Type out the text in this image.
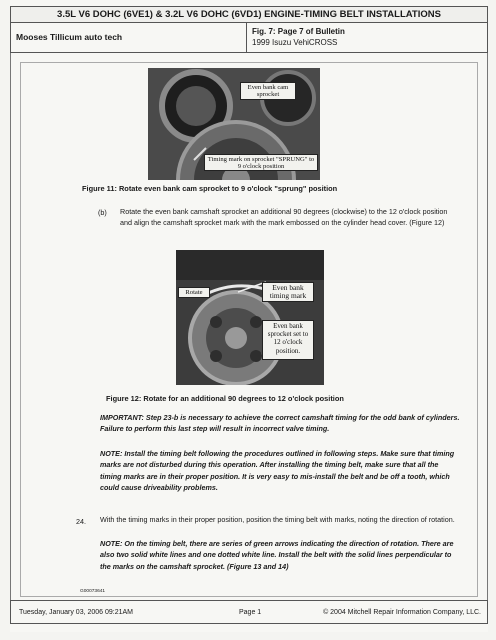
3.5L V6 DOHC (6VE1) & 3.2L V6 DOHC (6VD1) ENGINE-TIMING BELT INSTALLATIONS
Mooses Tillicum auto tech
Fig. 7: Page 7 of Bulletin
1999 Isuzu VehiCROSS
Even bank cam sprocket
Timing mark on sprocket "SPRUNG" to 9 o'clock position
Figure 11: Rotate even bank cam sprocket to 9 o'clock "sprung" position
(b) Rotate the even bank camshaft sprocket an additional 90 degrees (clockwise) to the 12 o'clock position and align the camshaft sprocket mark with the mark embossed on the cylinder head cover. (Figure 12)
Rotate
Even bank timing mark
Even bank sprocket set to 12 o'clock position.
Figure 12: Rotate for an additional 90 degrees to 12 o'clock position
IMPORTANT: Step 23-b is necessary to achieve the correct camshaft timing for the odd bank of cylinders. Failure to perform this last step will result in incorrect valve timing.
NOTE: Install the timing belt following the procedures outlined in following steps. Make sure that timing marks are not disturbed during this operation. After installing the timing belt, make sure that all the timing marks are in their proper position. It is very easy to mis-install the belt and be off a tooth, which could cause driveability problems.
24. With the timing marks in their proper position, position the timing belt with marks, noting the direction of rotation.
NOTE: On the timing belt, there are series of green arrows indicating the direction of rotation. There are also two solid white lines and one dotted white line. Install the belt with the solid lines perpendicular to the marks on the camshaft sprocket. (Figure 13 and 14)
G00073641
Tuesday, January 03, 2006 09:21AM	Page 1	© 2004 Mitchell Repair Information Company, LLC.
